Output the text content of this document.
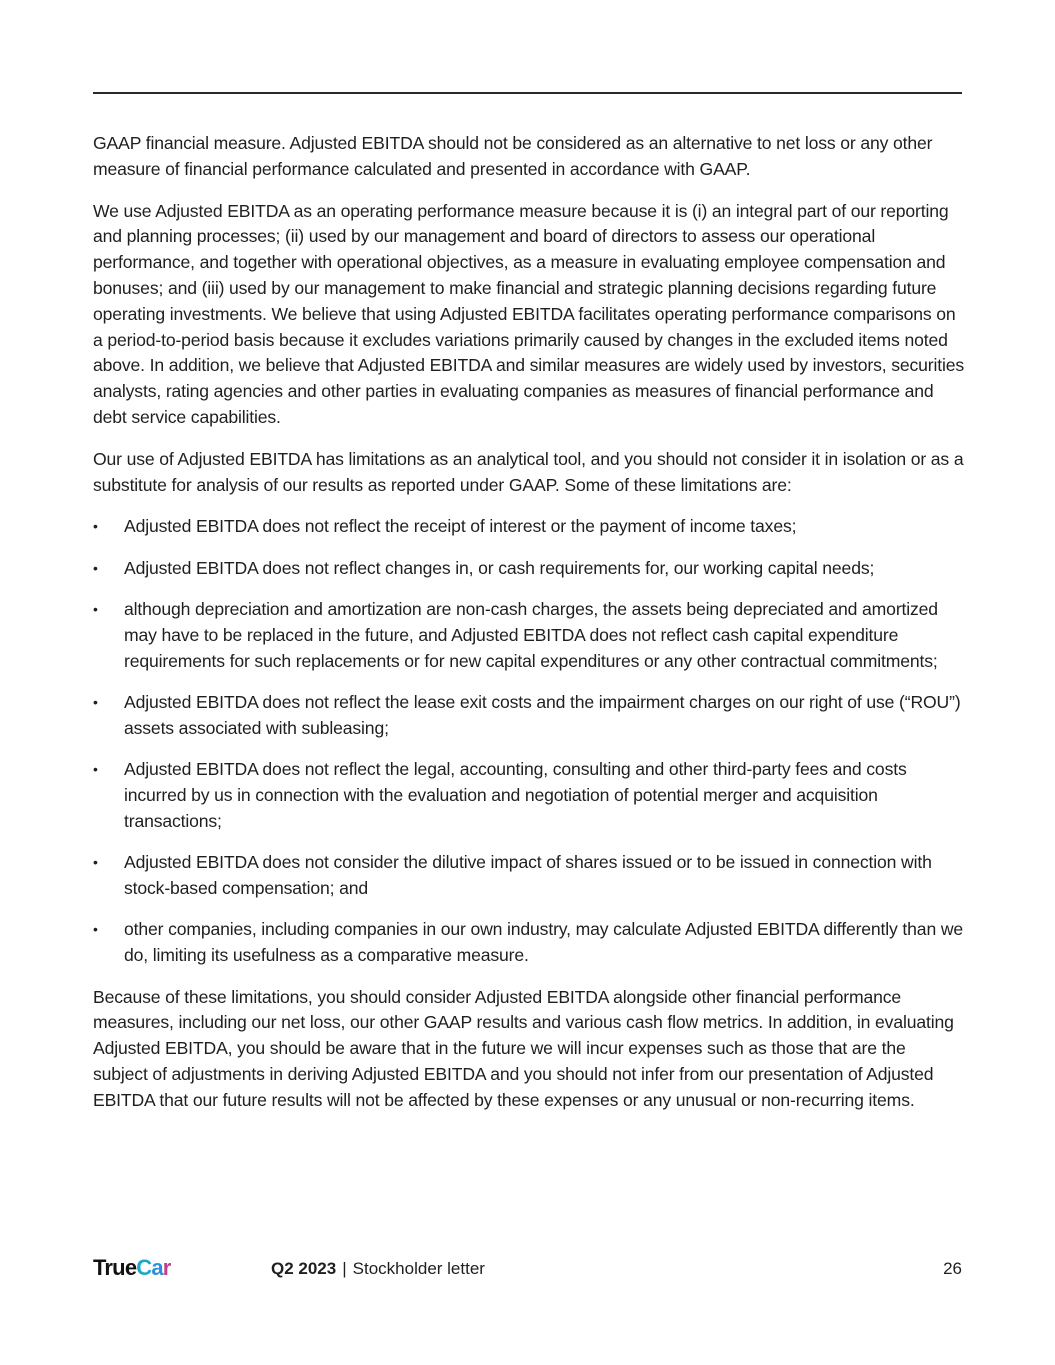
GAAP financial measure. Adjusted EBITDA should not be considered as an alternative to net loss or any other measure of financial performance calculated and presented in accordance with GAAP.

We use Adjusted EBITDA as an operating performance measure because it is (i) an integral part of our reporting and planning processes; (ii) used by our management and board of directors to assess our operational performance, and together with operational objectives, as a measure in evaluating employee compensation and bonuses; and (iii) used by our management to make financial and strategic planning decisions regarding future operating investments. We believe that using Adjusted EBITDA facilitates operating performance comparisons on a period-to-period basis because it excludes variations primarily caused by changes in the excluded items noted above. In addition, we believe that Adjusted EBITDA and similar measures are widely used by investors, securities analysts, rating agencies and other parties in evaluating companies as measures of financial performance and debt service capabilities.

Our use of Adjusted EBITDA has limitations as an analytical tool, and you should not consider it in isolation or as a substitute for analysis of our results as reported under GAAP. Some of these limitations are:

• Adjusted EBITDA does not reflect the receipt of interest or the payment of income taxes;
• Adjusted EBITDA does not reflect changes in, or cash requirements for, our working capital needs;
• although depreciation and amortization are non-cash charges, the assets being depreciated and amortized may have to be replaced in the future, and Adjusted EBITDA does not reflect cash capital expenditure requirements for such replacements or for new capital expenditures or any other contractual commitments;
• Adjusted EBITDA does not reflect the lease exit costs and the impairment charges on our right of use (“ROU”) assets associated with subleasing;
• Adjusted EBITDA does not reflect the legal, accounting, consulting and other third-party fees and costs incurred by us in connection with the evaluation and negotiation of potential merger and acquisition transactions;
• Adjusted EBITDA does not consider the dilutive impact of shares issued or to be issued in connection with stock-based compensation; and
• other companies, including companies in our own industry, may calculate Adjusted EBITDA differently than we do, limiting its usefulness as a comparative measure.

Because of these limitations, you should consider Adjusted EBITDA alongside other financial performance measures, including our net loss, our other GAAP results and various cash flow metrics. In addition, in evaluating Adjusted EBITDA, you should be aware that in the future we will incur expenses such as those that are the subject of adjustments in deriving Adjusted EBITDA and you should not infer from our presentation of Adjusted EBITDA that our future results will not be affected by these expenses or any unusual or non-recurring items.

TrueCar	Q2 2023 | Stockholder letter	26
